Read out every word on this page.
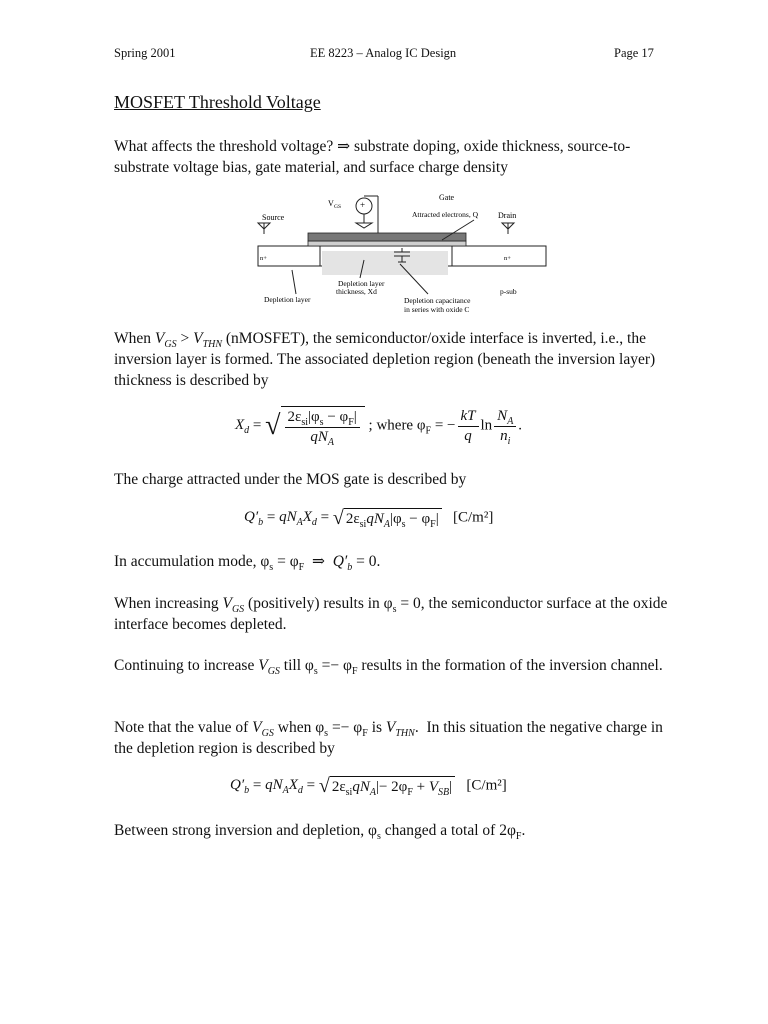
Spring 2001	EE 8223 – Analog IC Design	Page 17
MOSFET Threshold Voltage

What affects the threshold voltage? ⇒ substrate doping, oxide thickness, source-to-substrate voltage bias, gate material, and surface charge density

+
Gate
V GS
Source	Drain
Attracted electrons, Q
n+	n+
p-sub
Depletion layer
Depletion layer
thickness, Xd
Depletion capacitance
in series with oxide C

When $V_{GS} > V_{THN}$ (nMOSFET), the semiconductor/oxide interface is inverted, i.e., the inversion layer is formed. The associated depletion region (beneath the inversion layer) thickness is described by

$X_d$ = √ $\frac{2\varepsilon_{si}|\varphi_s - \varphi_F|}{qN_A}$ ; where $\varphi_F$ = − $\frac{kT}{q}$ $\ln \frac{N_A}{n_i}$ .

The charge attracted under the MOS gate is described by

$Q'_b = qN_AX_d$ = √ $2\varepsilon_{si}qN_A|\varphi_s - \varphi_F|$ [C/m²]

In accumulation mode, $\varphi_s = \varphi_F$  ⇒  $Q'_b = 0$.

When increasing $V_{GS}$ (positively) results in $\varphi_s = 0$, the semiconductor surface at the oxide interface becomes depleted.

Continuing to increase $V_{GS}$ till $\varphi_s =- \varphi_F$ results in the formation of the inversion channel.

Note that the value of $V_{GS}$ when $\varphi_s =- \varphi_F$ is $V_{THN}$.  In this situation the negative charge in the depletion region is described by

$Q'_b = qN_AX_d$ = √ $2\varepsilon_{si}qN_A|- 2\varphi_F + V_{SB}|$ [C/m²]

Between strong inversion and depletion, $\varphi_s$ changed a total of $2\varphi_F$.
